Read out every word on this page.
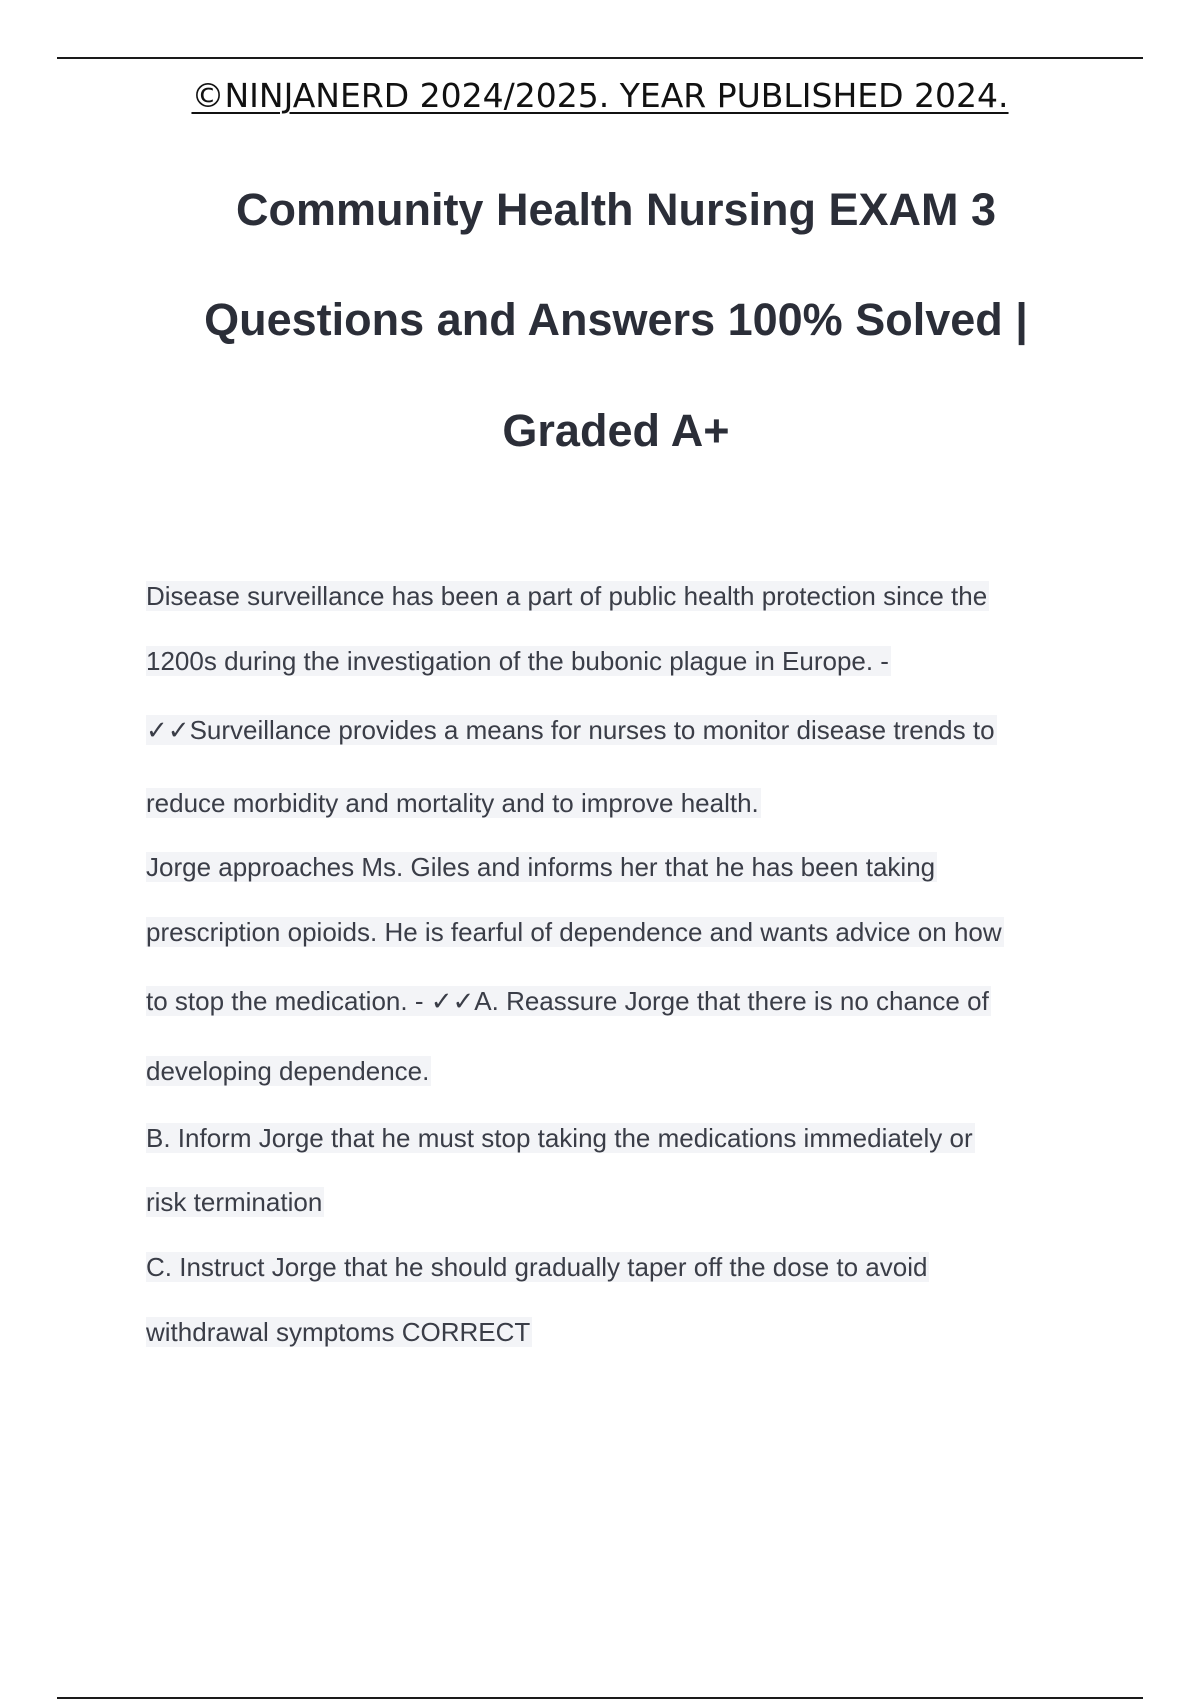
©NINJANERD 2024/2025. YEAR PUBLISHED 2024.
Community Health Nursing EXAM 3
Questions and Answers 100% Solved |
Graded A+
Disease surveillance has been a part of public health protection since the
1200s during the investigation of the bubonic plague in Europe. -
✓✓Surveillance provides a means for nurses to monitor disease trends to
reduce morbidity and mortality and to improve health.
Jorge approaches Ms. Giles and informs her that he has been taking
prescription opioids. He is fearful of dependence and wants advice on how
to stop the medication. - ✓✓A. Reassure Jorge that there is no chance of
developing dependence.
B. Inform Jorge that he must stop taking the medications immediately or
risk termination
C. Instruct Jorge that he should gradually taper off the dose to avoid
withdrawal symptoms CORRECT
